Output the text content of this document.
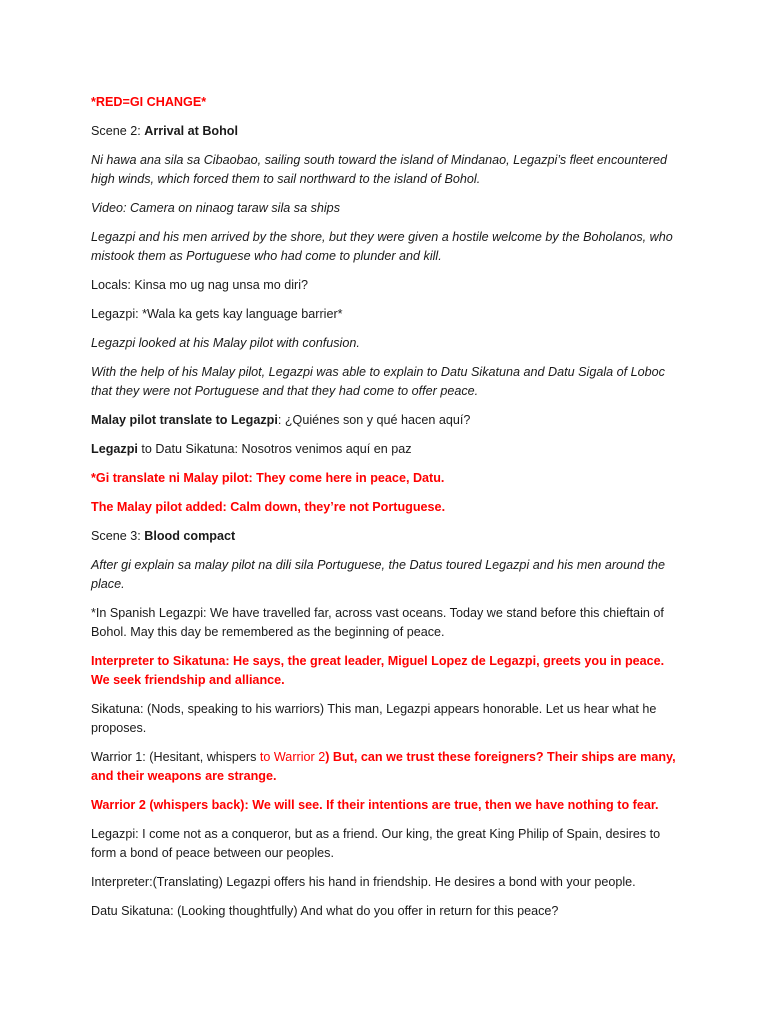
*RED=GI CHANGE*

Scene 2: Arrival at Bohol

Ni hawa ana sila sa Cibaobao, sailing south toward the island of Mindanao, Legazpi’s fleet encountered high winds, which forced them to sail northward to the island of Bohol.

Video: Camera on ninaog taraw sila sa ships

Legazpi and his men arrived by the shore, but they were given a hostile welcome by the Boholanos, who mistook them as Portuguese who had come to plunder and kill.

Locals: Kinsa mo ug nag unsa mo diri?

Legazpi: *Wala ka gets kay language barrier*

Legazpi looked at his Malay pilot with confusion.

With the help of his Malay pilot, Legazpi was able to explain to Datu Sikatuna and Datu Sigala of Loboc that they were not Portuguese and that they had come to offer peace.

Malay pilot translate to Legazpi: ¿Quiénes son y qué hacen aquí?

Legazpi to Datu Sikatuna: Nosotros venimos aquí en paz

*Gi translate ni Malay pilot: They come here in peace, Datu.

The Malay pilot added: Calm down, they’re not Portuguese.

Scene 3: Blood compact

After gi explain sa malay pilot na dili sila Portuguese, the Datus toured Legazpi and his men around the place.

*In Spanish Legazpi: We have travelled far, across vast oceans. Today we stand before this chieftain of Bohol. May this day be remembered as the beginning of peace.

Interpreter to Sikatuna: He says, the great leader, Miguel Lopez de Legazpi, greets you in peace. We seek friendship and alliance.

Sikatuna: (Nods, speaking to his warriors) This man, Legazpi appears honorable. Let us hear what he proposes.

Warrior 1: (Hesitant, whispers to Warrior 2) But, can we trust these foreigners? Their ships are many, and their weapons are strange.

Warrior 2 (whispers back): We will see. If their intentions are true, then we have nothing to fear.

Legazpi: I come not as a conqueror, but as a friend. Our king, the great King Philip of Spain, desires to form a bond of peace between our peoples.

Interpreter:(Translating) Legazpi offers his hand in friendship. He desires a bond with your people.

Datu Sikatuna: (Looking thoughtfully) And what do you offer in return for this peace?
